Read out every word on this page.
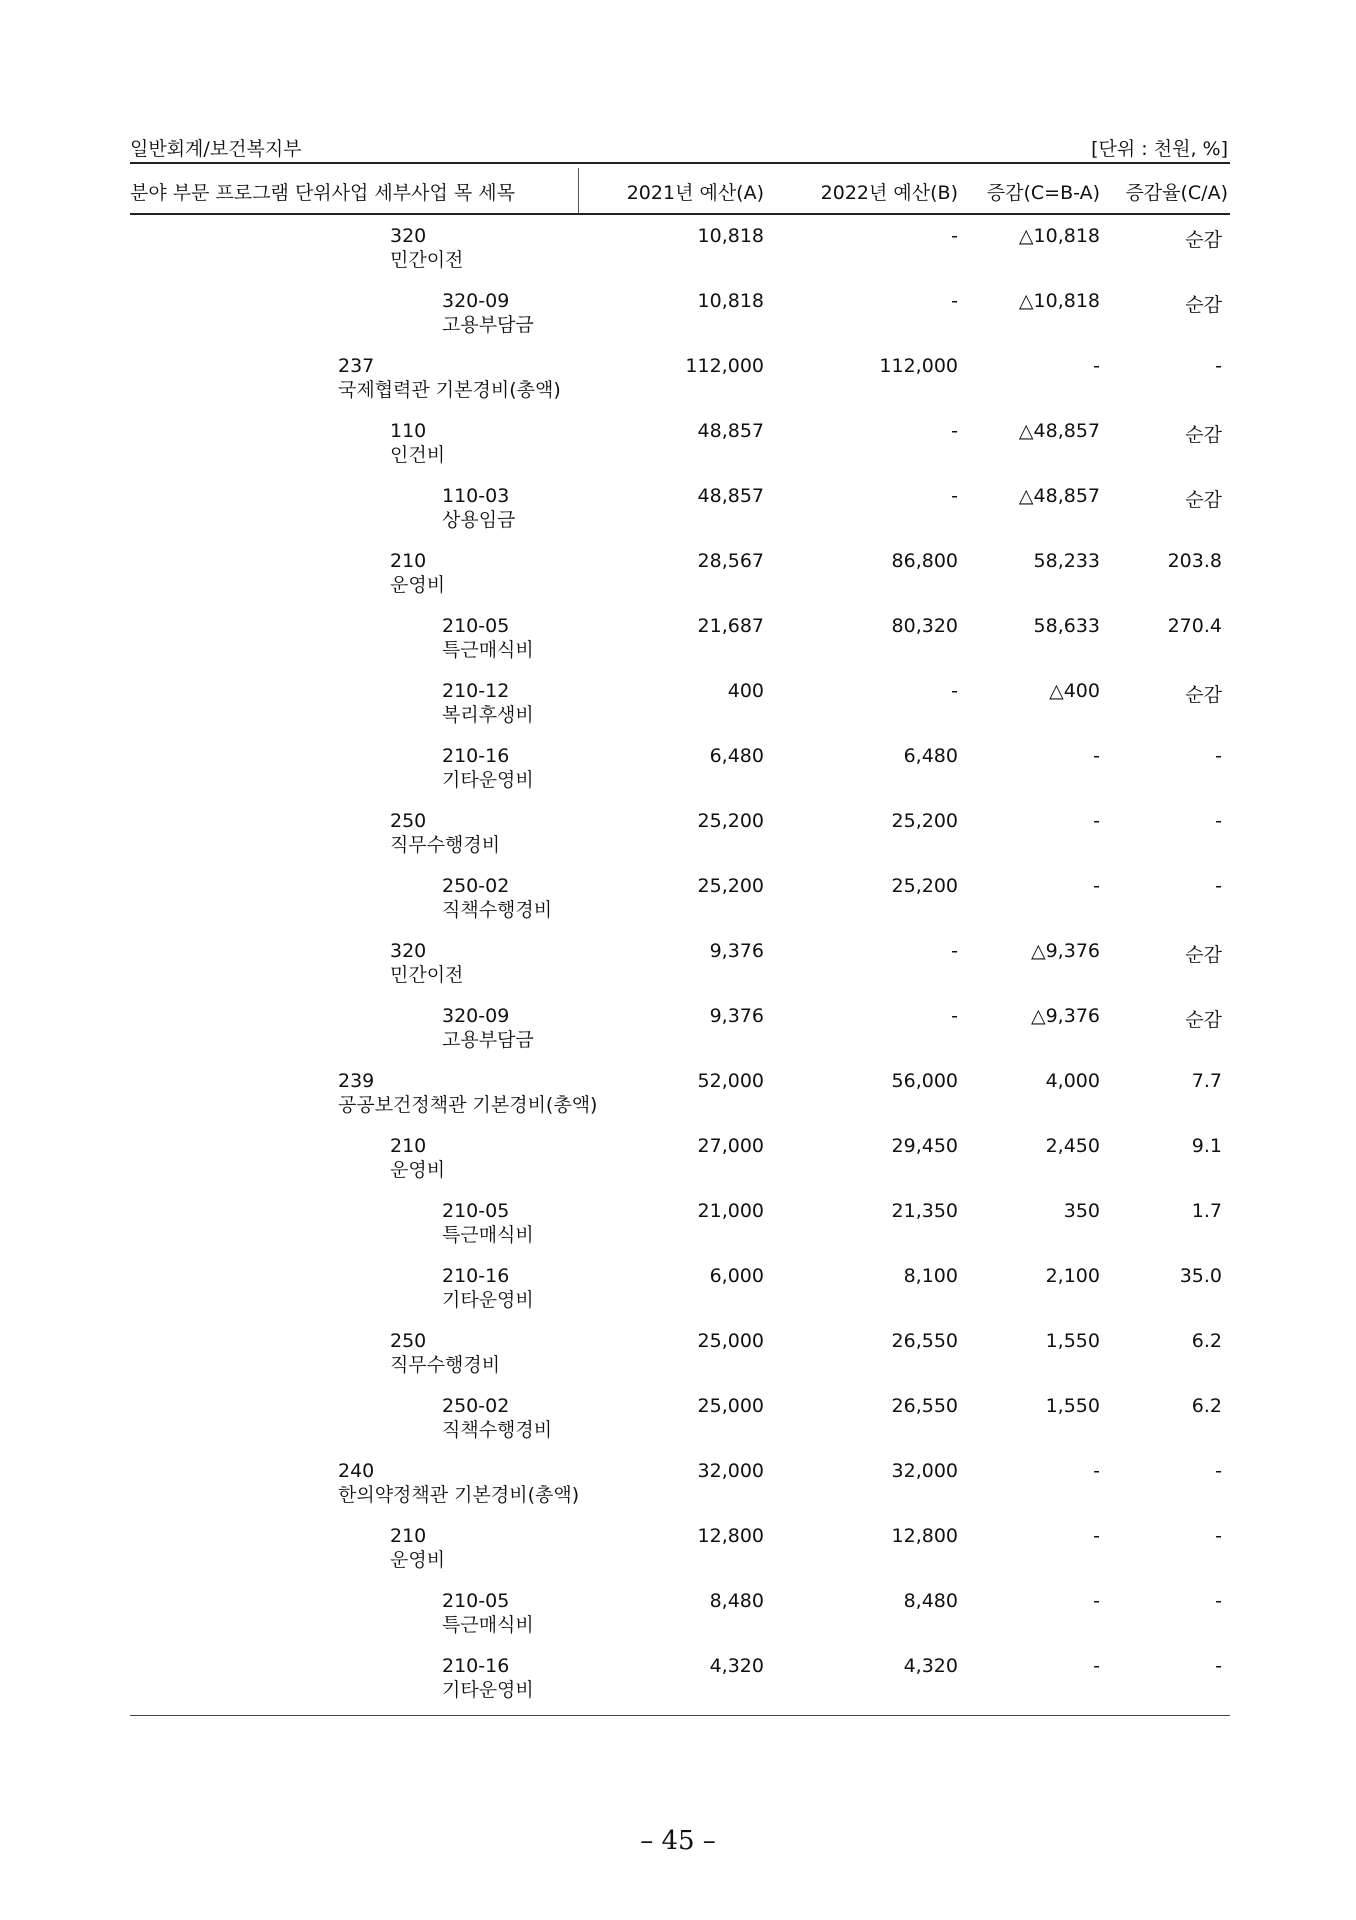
일반회계/보건복지부	[단위 : 천원, %]
분야 부문 프로그램 단위사업 세부사업 목 세목	2021년 예산(A)	2022년 예산(B) 증감(C=B-A) 증감율(C/A)
320
민간이전
10,818	-	△10,818	순감
320-09
고용부담금
10,818	-	△10,818	순감
237
국제협력관 기본경비(총액)
112,000	112,000	-	-
110
인건비
48,857	-	△48,857	순감
110-03
상용임금
48,857	-	△48,857	순감
210
운영비
28,567	86,800	58,233	203.8
210-05
특근매식비
21,687	80,320	58,633	270.4
210-12
복리후생비
400	-	△400	순감
210-16
기타운영비
6,480	6,480	-	-
250
직무수행경비
25,200	25,200	-	-
250-02
직책수행경비
25,200	25,200	-	-
320
민간이전
9,376	-	△9,376	순감
320-09
고용부담금
9,376	-	△9,376	순감
239
공공보건정책관 기본경비(총액)
52,000	56,000	4,000	7.7
210
운영비
27,000	29,450	2,450	9.1
210-05
특근매식비
21,000	21,350	350	1.7
210-16
기타운영비
6,000	8,100	2,100	35.0
250
직무수행경비
25,000	26,550	1,550	6.2
250-02
직책수행경비
25,000	26,550	1,550	6.2
240
한의약정책관 기본경비(총액)
32,000	32,000	-	-
210
운영비
12,800	12,800	-	-
210-05
특근매식비
8,480	8,480	-	-
210-16
기타운영비
4,320	4,320	-	-
– 45 –
